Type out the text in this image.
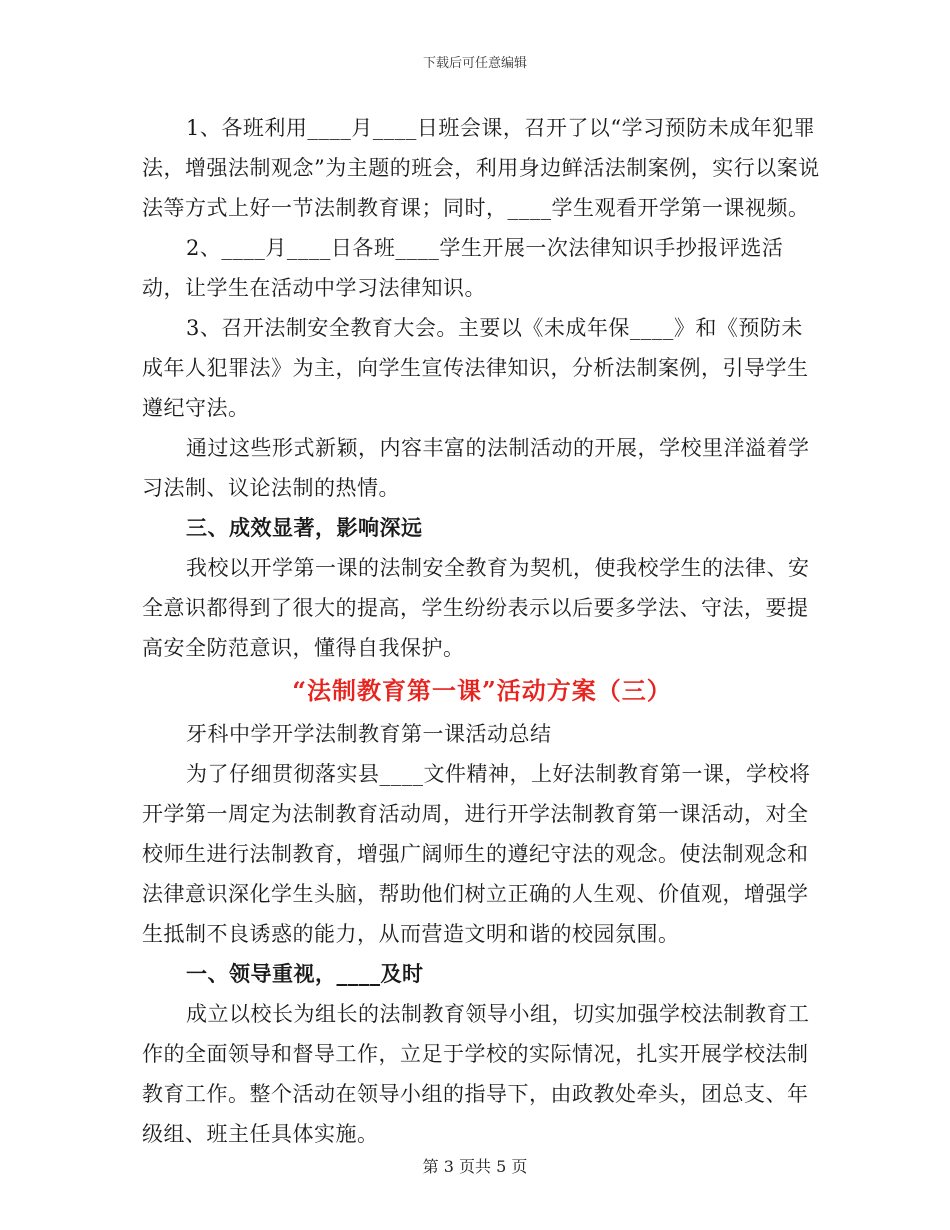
下载后可任意编辑

1、各班利用____月____日班会课，召开了以“学习预防未成年犯罪法，增强法制观念”为主题的班会，利用身边鲜活法制案例，实行以案说法等方式上好一节法制教育课；同时，____学生观看开学第一课视频。

2、____月____日各班____学生开展一次法律知识手抄报评选活动，让学生在活动中学习法律知识。

3、召开法制安全教育大会。主要以《未成年保____》和《预防未成年人犯罪法》为主，向学生宣传法律知识，分析法制案例，引导学生遵纪守法。

通过这些形式新颖，内容丰富的法制活动的开展，学校里洋溢着学习法制、议论法制的热情。

三、成效显著，影响深远

我校以开学第一课的法制安全教育为契机，使我校学生的法律、安全意识都得到了很大的提高，学生纷纷表示以后要多学法、守法，要提高安全防范意识，懂得自我保护。

“法制教育第一课”活动方案（三）

牙科中学开学法制教育第一课活动总结

为了仔细贯彻落实县____文件精神，上好法制教育第一课，学校将开学第一周定为法制教育活动周，进行开学法制教育第一课活动，对全校师生进行法制教育，增强广阔师生的遵纪守法的观念。使法制观念和法律意识深化学生头脑，帮助他们树立正确的人生观、价值观，增强学生抵制不良诱惑的能力，从而营造文明和谐的校园氛围。

一、领导重视，____及时

成立以校长为组长的法制教育领导小组，切实加强学校法制教育工作的全面领导和督导工作，立足于学校的实际情况，扎实开展学校法制教育工作。整个活动在领导小组的指导下，由政教处牵头，团总支、年级组、班主任具体实施。

第 3 页共 5 页
